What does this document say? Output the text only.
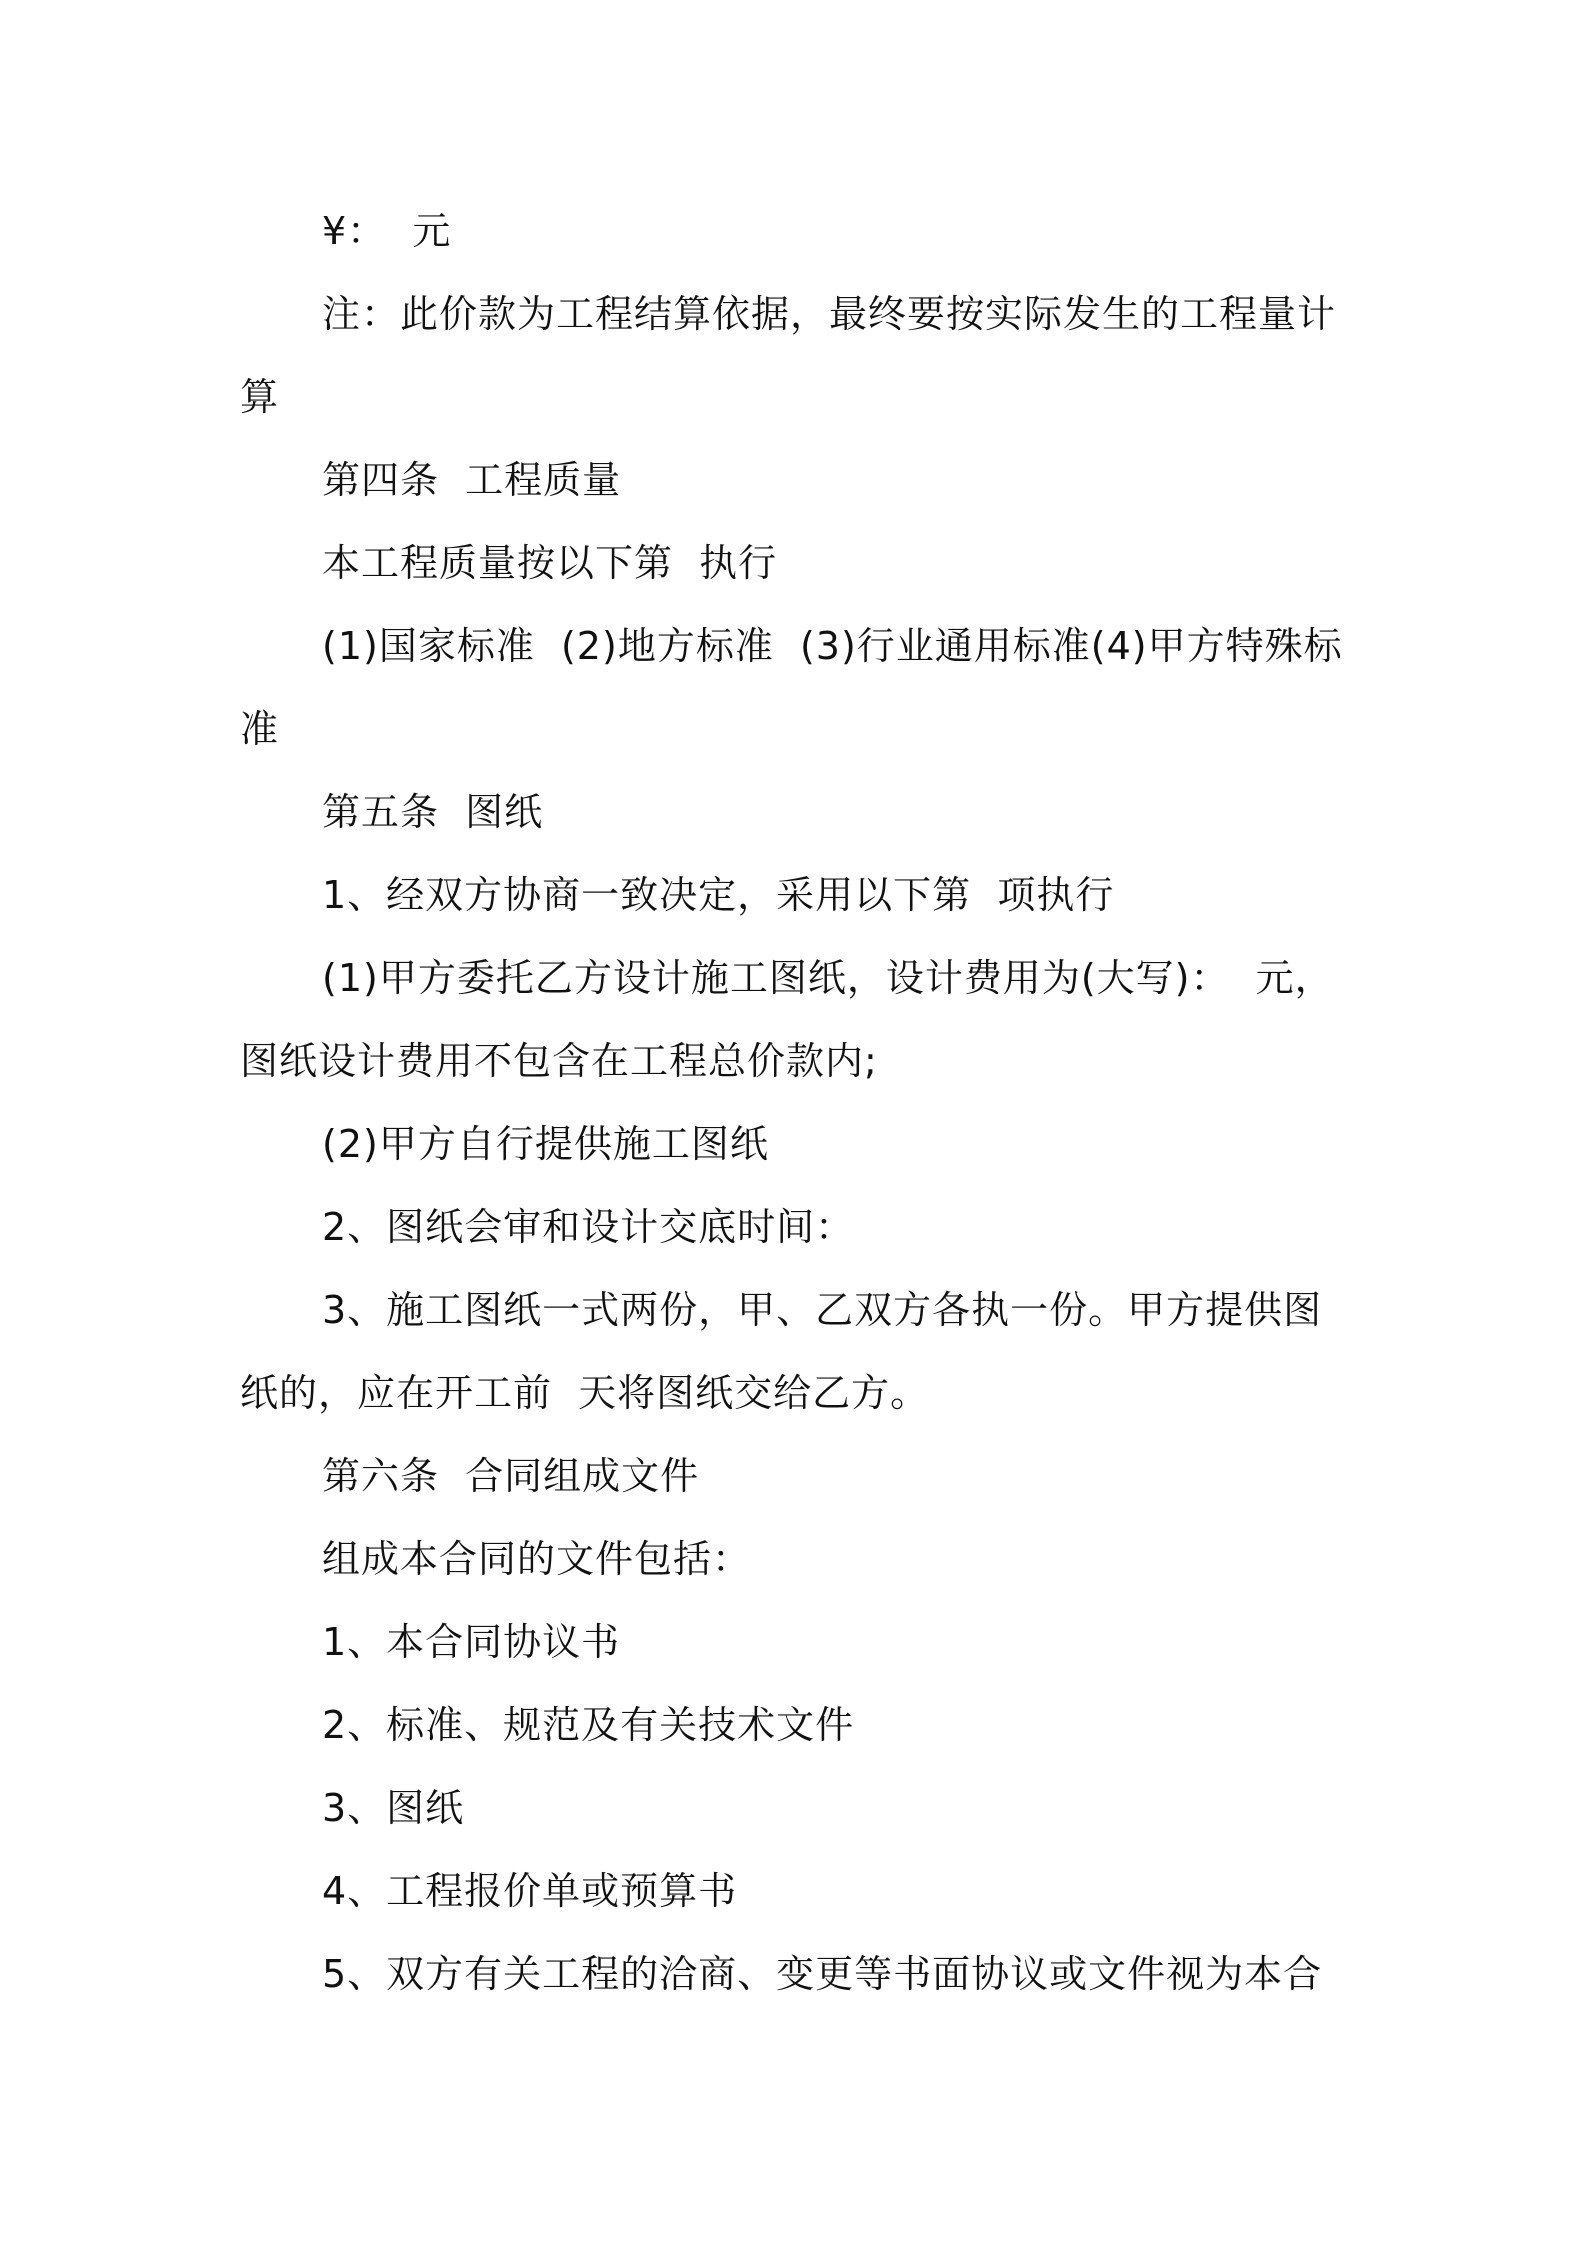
¥：  元

注：此价款为工程结算依据，最终要按实际发生的工程量计算

第四条  工程质量

本工程质量按以下第  执行

(1)国家标准  (2)地方标准  (3)行业通用标准(4)甲方特殊标准

第五条  图纸

1、经双方协商一致决定，采用以下第  项执行

(1)甲方委托乙方设计施工图纸，设计费用为(大写)：  元，图纸设计费用不包含在工程总价款内;

(2)甲方自行提供施工图纸

2、图纸会审和设计交底时间：

3、施工图纸一式两份，甲、乙双方各执一份。甲方提供图纸的，应在开工前  天将图纸交给乙方。

第六条  合同组成文件

组成本合同的文件包括：

1、本合同协议书

2、标准、规范及有关技术文件

3、图纸

4、工程报价单或预算书

5、双方有关工程的洽商、变更等书面协议或文件视为本合
